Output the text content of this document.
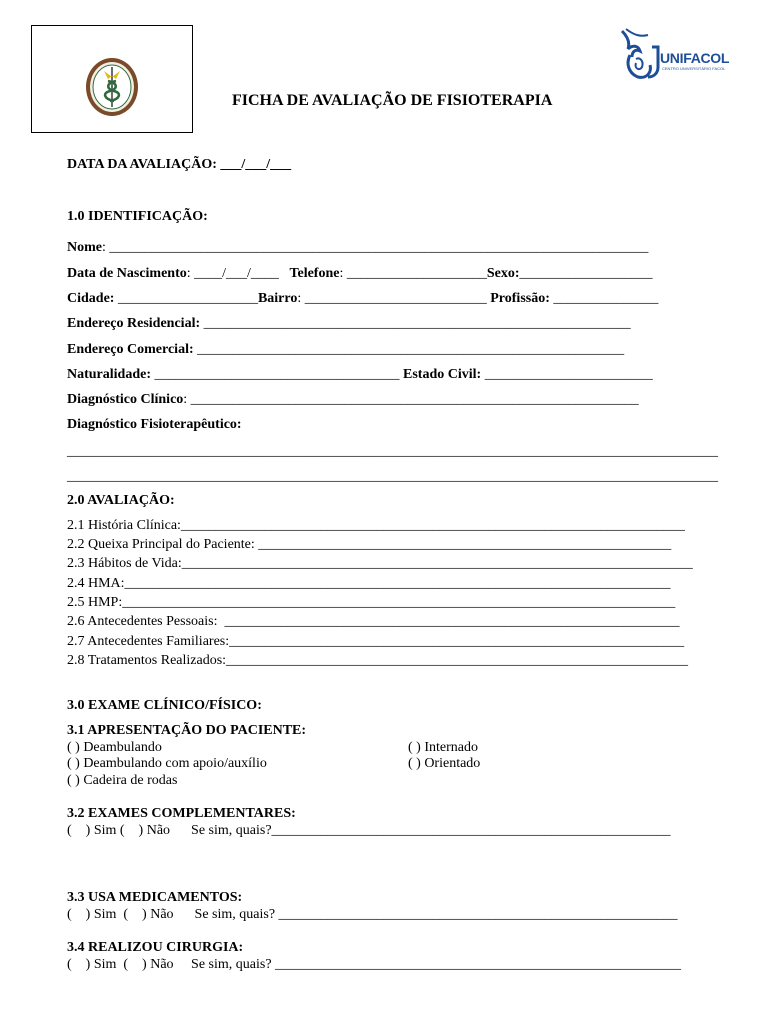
UNIFACOL
CENTRO UNIVERSITÁRIO FACOL
FICHA DE AVALIAÇÃO DE FISIOTERAPIA
DATA DA AVALIAÇÃO: ___/___/___
1.0 IDENTIFICAÇÃO:
Nome: _____________________________________________________________________________
Data de Nascimento: ____/___/____   Telefone: ____________________Sexo:___________________
Cidade: ____________________Bairro: __________________________ Profissão: _______________
Endereço Residencial: _____________________________________________________________
Endereço Comercial: _____________________________________________________________
Naturalidade: ___________________________________ Estado Civil: ________________________
Diagnóstico Clínico: ________________________________________________________________
Diagnóstico Fisioterapêutico:
_____________________________________________________________________________________________
_____________________________________________________________________________________________
2.0 AVALIAÇÃO:
2.1 História Clínica:________________________________________________________________________
2.2 Queixa Principal do Paciente: ___________________________________________________________
2.3 Hábitos de Vida:_________________________________________________________________________
2.4 HMA:______________________________________________________________________________
2.5 HMP:_______________________________________________________________________________
2.6 Antecedentes Pessoais:  _________________________________________________________________
2.7 Antecedentes Familiares:_________________________________________________________________
2.8 Tratamentos Realizados:__________________________________________________________________
3.0 EXAME CLÍNICO/FÍSICO:
3.1 APRESENTAÇÃO DO PACIENTE:
( ) Deambulando
( ) Deambulando com apoio/auxílio
( ) Cadeira de rodas
( ) Internado
( ) Orientado
3.2 EXAMES COMPLEMENTARES:
(    ) Sim (    ) Não      Se sim, quais?_________________________________________________________
3.3 USA MEDICAMENTOS:
(    ) Sim  (    ) Não      Se sim, quais? _________________________________________________________
3.4 REALIZOU CIRURGIA:
(    ) Sim  (    ) Não     Se sim, quais? __________________________________________________________
